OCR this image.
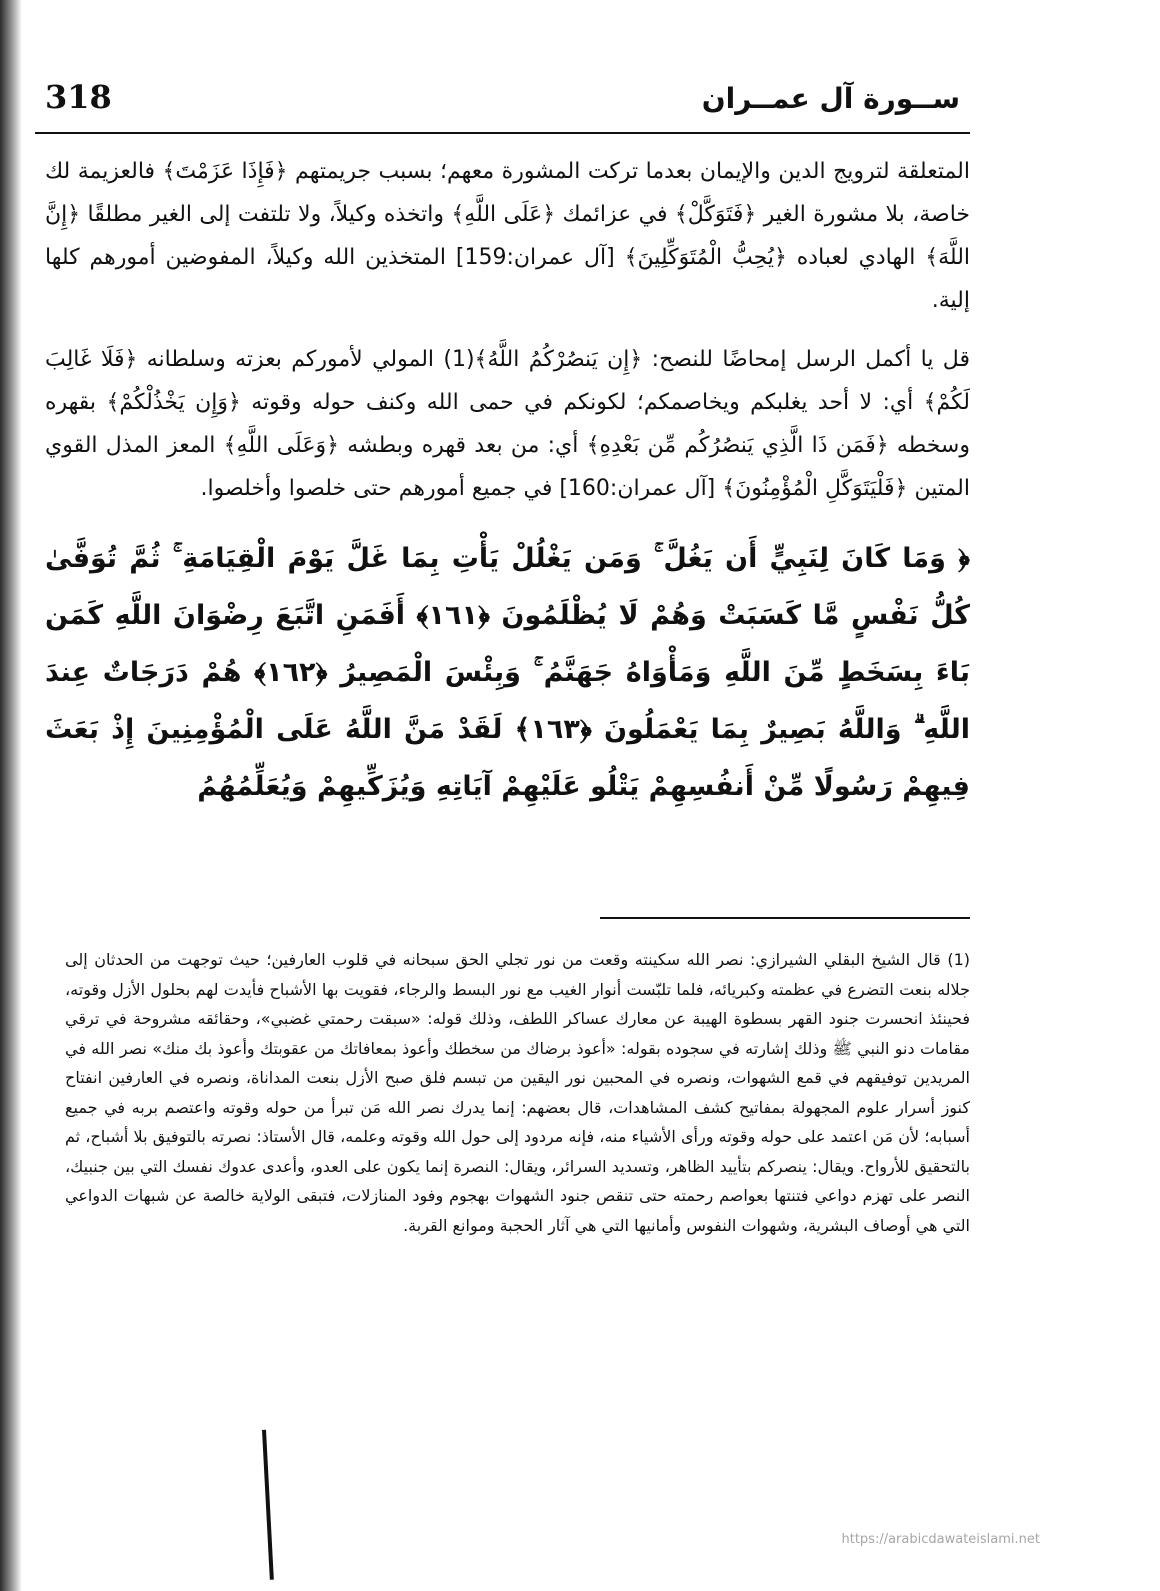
318	ســورة آل عمــران

المتعلقة لترويج الدين والإيمان بعدما تركت المشورة معهم؛ بسبب جريمتهم ﴿فَإِذَا عَزَمْتَ﴾ فالعزيمة لك خاصة، بلا مشورة الغير ﴿فَتَوَكَّلْ﴾ في عزائمك ﴿عَلَى اللَّهِ﴾ واتخذه وكيلاً، ولا تلتفت إلى الغير مطلقًا ﴿إِنَّ اللَّهَ﴾ الهادي لعباده ﴿يُحِبُّ الْمُتَوَكِّلِينَ﴾ [آل عمران:159] المتخذين الله وكيلاً، المفوضين أمورهم كلها إلية.

قل يا أكمل الرسل إمحاضًا للنصح: ﴿إِن يَنصُرْكُمُ اللَّهُ﴾(1) المولي لأموركم بعزته وسلطانه ﴿فَلَا غَالِبَ لَكُمْ﴾ أي: لا أحد يغلبكم ويخاصمكم؛ لكونكم في حمى الله وكنف حوله وقوته ﴿وَإِن يَخْذُلْكُمْ﴾ بقهره وسخطه ﴿فَمَن ذَا الَّذِي يَنصُرُكُم مِّن بَعْدِهِ﴾ أي: من بعد قهره وبطشه ﴿وَعَلَى اللَّهِ﴾ المعز المذل القوي المتين ﴿فَلْيَتَوَكَّلِ الْمُؤْمِنُونَ﴾ [آل عمران:160] في جميع أمورهم حتى خلصوا وأخلصوا.

﴿ وَمَا كَانَ لِنَبِيٍّ أَن يَغُلَّ ۚ وَمَن يَغْلُلْ يَأْتِ بِمَا غَلَّ يَوْمَ الْقِيَامَةِ ۚ ثُمَّ تُوَفَّىٰ كُلُّ نَفْسٍ مَّا كَسَبَتْ وَهُمْ لَا يُظْلَمُونَ ﴿١٦١﴾ أَفَمَنِ اتَّبَعَ رِضْوَانَ اللَّهِ كَمَن بَاءَ بِسَخَطٍ مِّنَ اللَّهِ وَمَأْوَاهُ جَهَنَّمُ ۚ وَبِئْسَ الْمَصِيرُ ﴿١٦٢﴾ هُمْ دَرَجَاتٌ عِندَ اللَّهِ ۗ وَاللَّهُ بَصِيرٌ بِمَا يَعْمَلُونَ ﴿١٦٣﴾ لَقَدْ مَنَّ اللَّهُ عَلَى الْمُؤْمِنِينَ إِذْ بَعَثَ فِيهِمْ رَسُولًا مِّنْ أَنفُسِهِمْ يَتْلُو عَلَيْهِمْ آيَاتِهِ وَيُزَكِّيهِمْ وَيُعَلِّمُهُمُ

(1) قال الشيخ البقلي الشيرازي: نصر الله سكينته وقعت من نور تجلي الحق سبحانه في قلوب العارفين؛ حيث توجهت من الحدثان إلى جلاله بنعت التضرع في عظمته وكبريائه، فلما تلبّست أنوار الغيب مع نور البسط والرجاء، فقويت بها الأشباح فأيدت لهم بحلول الأزل وقوته، فحينئذ انحسرت جنود القهر بسطوة الهيبة عن معارك عساكر اللطف، وذلك قوله: «سبقت رحمتي غضبي»، وحقائقه مشروحة في ترقي مقامات دنو النبي ﷺ وذلك إشارته في سجوده بقوله: «أعوذ برضاك من سخطك وأعوذ بمعافاتك من عقوبتك وأعوذ بك منك» نصر الله في المريدين توفيقهم في قمع الشهوات، ونصره في المحبين نور اليقين من تبسم فلق صبح الأزل بنعت المداناة، ونصره في العارفين انفتاح كنوز أسرار علوم المجهولة بمفاتيح كشف المشاهدات، قال بعضهم: إنما يدرك نصر الله مَن تبرأ من حوله وقوته واعتصم بربه في جميع أسبابه؛ لأن مَن اعتمد على حوله وقوته ورأى الأشياء منه، فإنه مردود إلى حول الله وقوته وعلمه، قال الأستاذ: نصرته بالتوفيق بلا أشباح، ثم بالتحقيق للأرواح. ويقال: ينصركم بتأييد الظاهر، وتسديد السرائر، ويقال: النصرة إنما يكون على العدو، وأعدى عدوك نفسك التي بين جنبيك، النصر على تهزم دواعي فتنتها بعواصم رحمته حتى تنقص جنود الشهوات بهجوم وفود المنازلات، فتبقى الولاية خالصة عن شبهات الدواعي التي هي أوصاف البشرية، وشهوات النفوس وأمانيها التي هي آثار الحجبة وموانع القربة.

https://arabicdawateislami.net
